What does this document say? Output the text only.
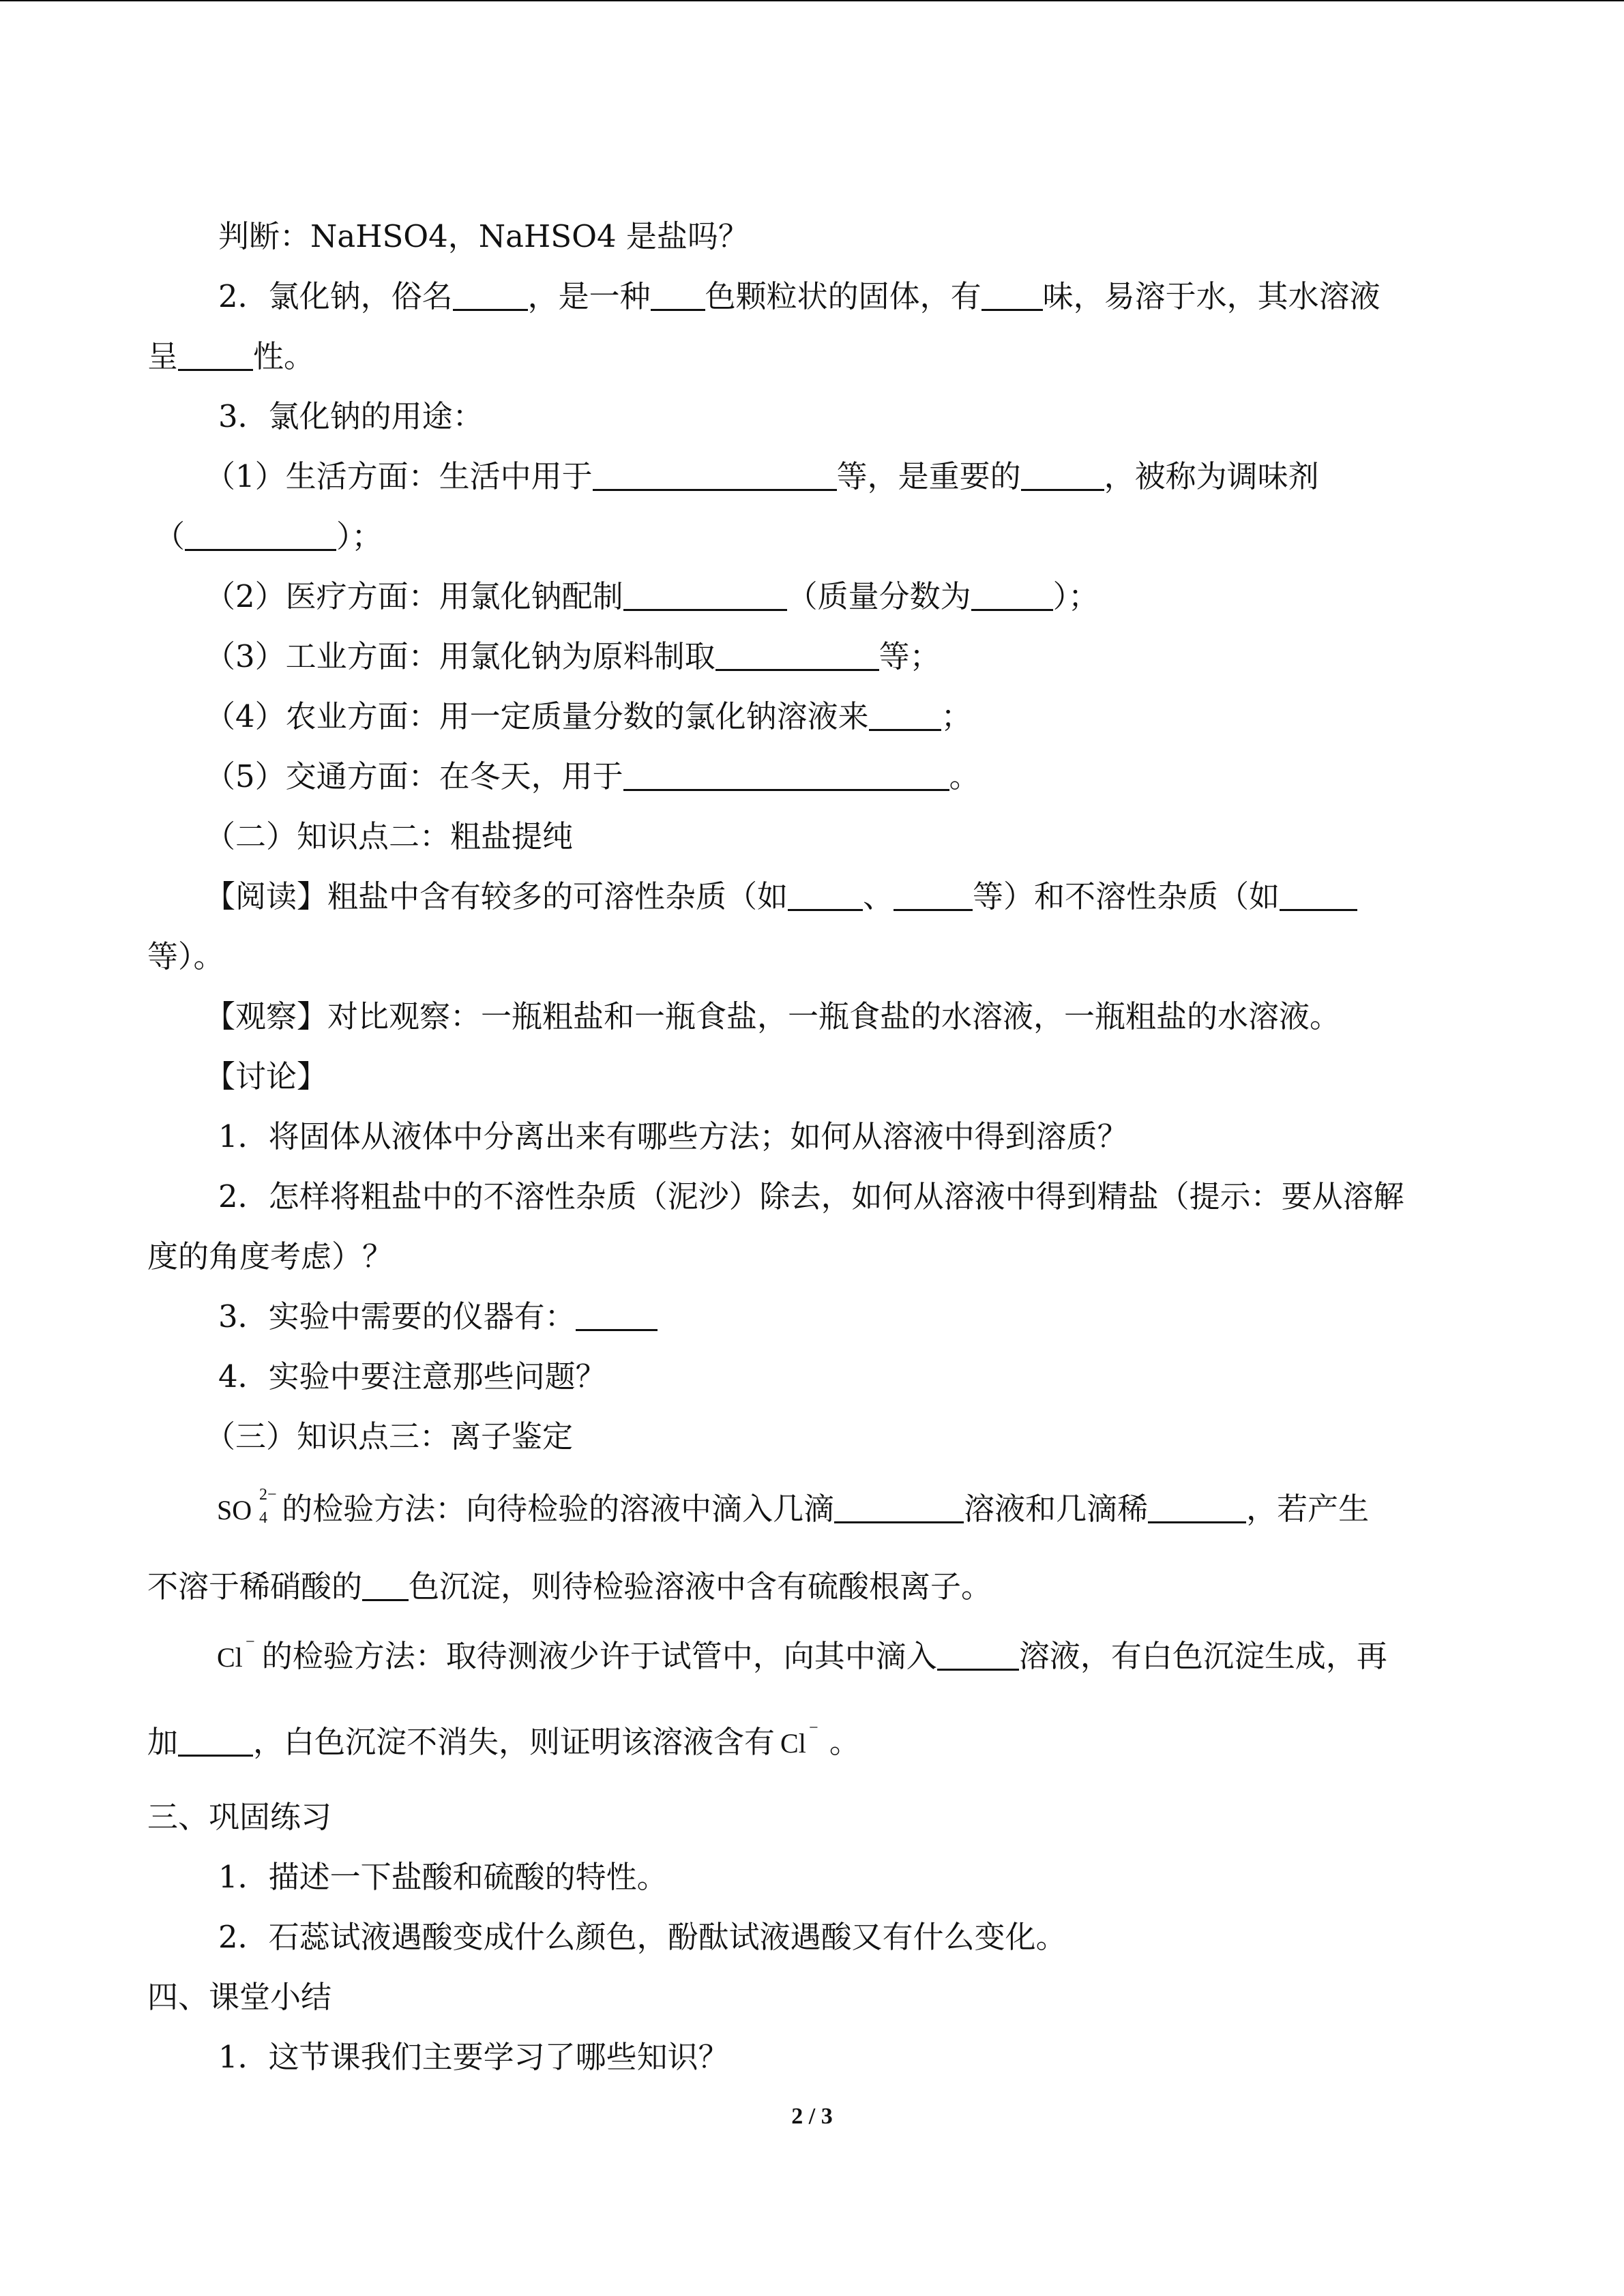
判断：NaHSO4，NaHSO4 是盐吗？
2．氯化钠，俗名 ，是一种 色颗粒状的固体，有 味，易溶于水，其水溶液
呈 性。
3．氯化钠的用途：
（1）生活方面：生活中用于	等，是重要的	，被称为调味剂
（	）；
（2）医疗方面：用氯化钠配制	（质量分数为	）；
（3）工业方面：用氯化钠为原料制取	等；
（4）农业方面：用一定质量分数的氯化钠溶液来 ；
（5）交通方面：在冬天，用于	。
（二）知识点二：粗盐提纯
【阅读】粗盐中含有较多的可溶性杂质（如 、	等）和不溶性杂质（如
等）。
【观察】对比观察：一瓶粗盐和一瓶食盐，一瓶食盐的水溶液，一瓶粗盐的水溶液。
【讨论】
1．将固体从液体中分离出来有哪些方法；如何从溶液中得到溶质？
2．怎样将粗盐中的不溶性杂质（泥沙）除去，如何从溶液中得到精盐（提示：要从溶解
度的角度考虑）？
3．实验中需要的仪器有：
4．实验中要注意那些问题？
（三）知识点三：离子鉴定
SO 2−
4 的检验方法：向待检验的溶液中滴入几滴	溶液和几滴稀	，若产生
不溶于稀硝酸的 色沉淀，则待检验溶液中含有硫酸根离子。
Cl − 的检验方法：取待测液少许于试管中，向其中滴入	溶液，有白色沉淀生成，再
加 ，白色沉淀不消失，则证明该溶液含有 Cl − 。
三、巩固练习
1．描述一下盐酸和硫酸的特性。
2．石蕊试液遇酸变成什么颜色，酚酞试液遇酸又有什么变化。
四、课堂小结
1．这节课我们主要学习了哪些知识？
2 / 3
